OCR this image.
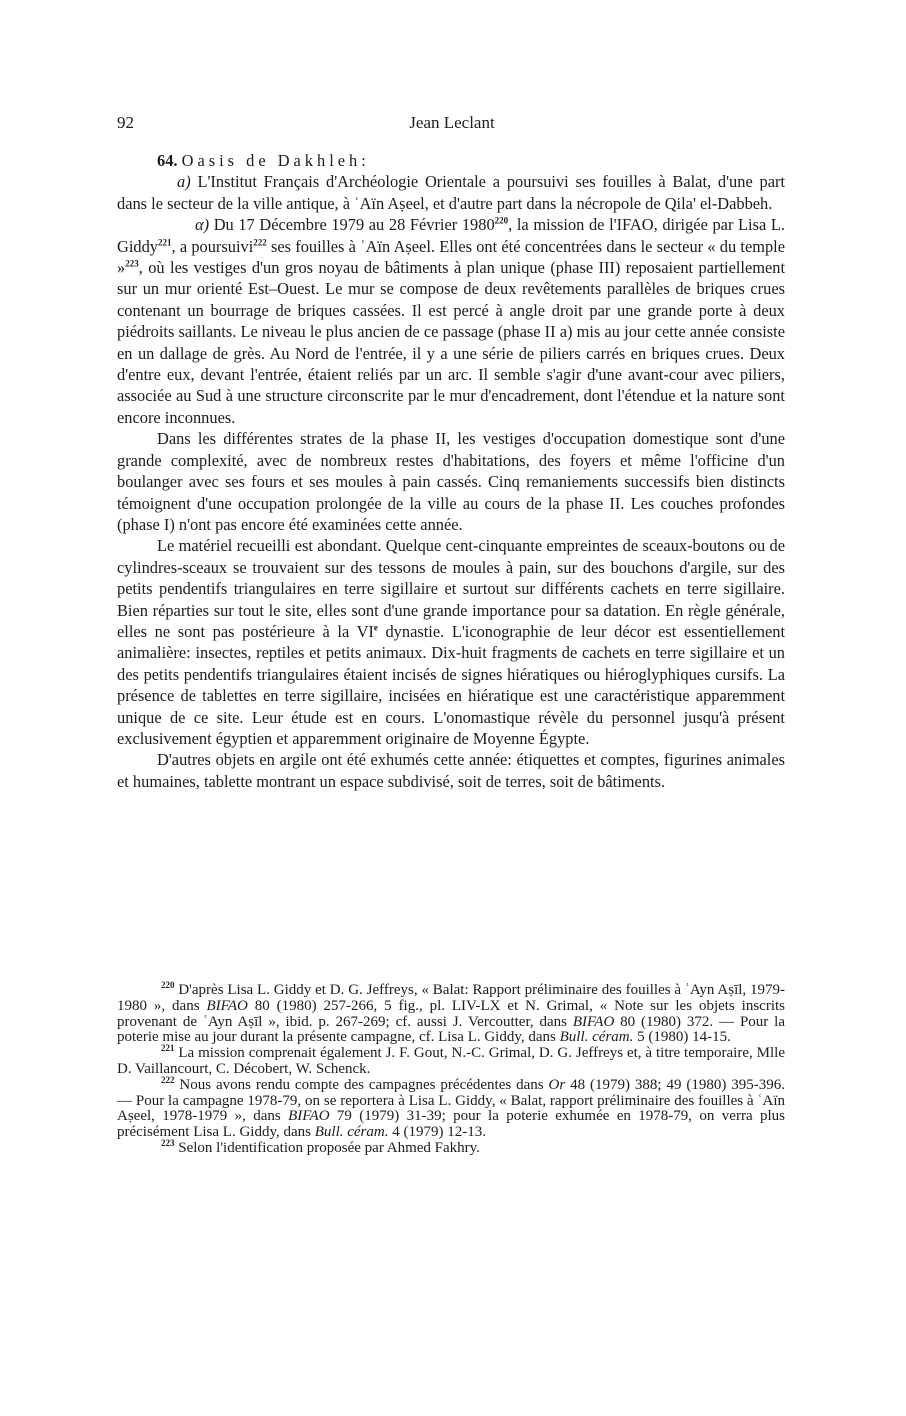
92	Jean Leclant

64. Oasis de Dakhleh:

a) L'Institut Français d'Archéologie Orientale a poursuivi ses fouilles à Balat, d'une part dans le secteur de la ville antique, à ʿAïn Aṣeel, et d'autre part dans la nécropole de Qila' el-Dabbeh.

α) Du 17 Décembre 1979 au 28 Février 1980$^{220}$, la mission de l'IFAO, dirigée par Lisa L. Giddy$^{221}$, a poursuivi$^{222}$ ses fouilles à ʿAïn Aṣeel. Elles ont été concentrées dans le secteur « du temple »$^{223}$, où les vestiges d'un gros noyau de bâtiments à plan unique (phase III) reposaient partiellement sur un mur orienté Est–Ouest. Le mur se compose de deux revêtements parallèles de briques crues contenant un bourrage de briques cassées. Il est percé à angle droit par une grande porte à deux piédroits saillants. Le niveau le plus ancien de ce passage (phase II a) mis au jour cette année consiste en un dallage de grès. Au Nord de l'entrée, il y a une série de piliers carrés en briques crues. Deux d'entre eux, devant l'entrée, étaient reliés par un arc. Il semble s'agir d'une avant-cour avec piliers, associée au Sud à une structure circonscrite par le mur d'encadrement, dont l'étendue et la nature sont encore inconnues.

Dans les différentes strates de la phase II, les vestiges d'occupation domestique sont d'une grande complexité, avec de nombreux restes d'habitations, des foyers et même l'officine d'un boulanger avec ses fours et ses moules à pain cassés. Cinq remaniements successifs bien distincts témoignent d'une occupation prolongée de la ville au cours de la phase II. Les couches profondes (phase I) n'ont pas encore été examinées cette année.

Le matériel recueilli est abondant. Quelque cent-cinquante empreintes de sceaux-boutons ou de cylindres-sceaux se trouvaient sur des tessons de moules à pain, sur des bouchons d'argile, sur des petits pendentifs triangulaires en terre sigillaire et surtout sur différents cachets en terre sigillaire. Bien réparties sur tout le site, elles sont d'une grande importance pour sa datation. En règle générale, elles ne sont pas postérieure à la VIe dynastie. L'iconographie de leur décor est essentiellement animalière: insectes, reptiles et petits animaux. Dix-huit fragments de cachets en terre sigillaire et un des petits pendentifs triangulaires étaient incisés de signes hiératiques ou hiéroglyphiques cursifs. La présence de tablettes en terre sigillaire, incisées en hiératique est une caractéristique apparemment unique de ce site. Leur étude est en cours. L'onomastique révèle du personnel jusqu'à présent exclusivement égyptien et apparemment originaire de Moyenne Égypte.

D'autres objets en argile ont été exhumés cette année: étiquettes et comptes, figurines animales et humaines, tablette montrant un espace subdivisé, soit de terres, soit de bâtiments.

$^{220}$ D'après Lisa L. Giddy et D. G. Jeffreys, « Balat: Rapport préliminaire des fouilles à ʿAyn Aṣīl, 1979-1980 », dans BIFAO 80 (1980) 257-266, 5 fig., pl. LIV-LX et N. Grimal, « Note sur les objets inscrits provenant de ʿAyn Aṣīl », ibid. p. 267-269; cf. aussi J. Vercoutter, dans BIFAO 80 (1980) 372. — Pour la poterie mise au jour durant la présente campagne, cf. Lisa L. Giddy, dans Bull. céram. 5 (1980) 14-15.

$^{221}$ La mission comprenait également J. F. Gout, N.-C. Grimal, D. G. Jeffreys et, à titre temporaire, Mlle D. Vaillancourt, C. Décobert, W. Schenck.

$^{222}$ Nous avons rendu compte des campagnes précédentes dans Or 48 (1979) 388; 49 (1980) 395-396. — Pour la campagne 1978-79, on se reportera à Lisa L. Giddy, « Balat, rapport préliminaire des fouilles à ʿAïn Aṣeel, 1978-1979 », dans BIFAO 79 (1979) 31-39; pour la poterie exhumée en 1978-79, on verra plus précisément Lisa L. Giddy, dans Bull. céram. 4 (1979) 12-13.

$^{223}$ Selon l'identification proposée par Ahmed Fakhry.
